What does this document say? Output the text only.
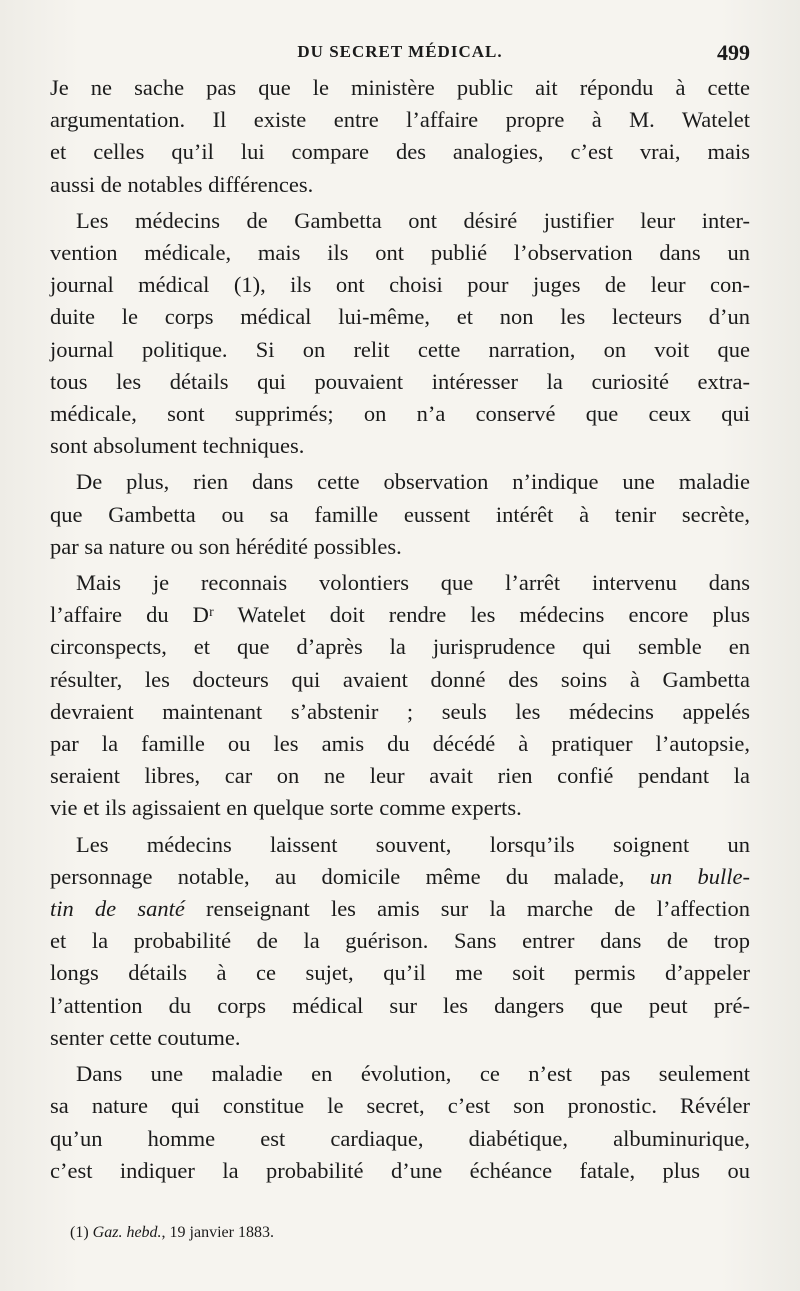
DU SECRET MÉDICAL.	499
Je ne sache pas que le ministère public ait répondu à cette
argumentation. Il existe entre l’affaire propre à M. Watelet
et celles qu’il lui compare des analogies, c’est vrai, mais
aussi de notables différences.
Les médecins de Gambetta ont désiré justifier leur inter-
vention médicale, mais ils ont publié l’observation dans un
journal médical (1), ils ont choisi pour juges de leur con-
duite le corps médical lui-même, et non les lecteurs d’un
journal politique. Si on relit cette narration, on voit que
tous les détails qui pouvaient intéresser la curiosité extra-
médicale, sont supprimés; on n’a conservé que ceux qui
sont absolument techniques.
De plus, rien dans cette observation n’indique une maladie
que Gambetta ou sa famille eussent intérêt à tenir secrète,
par sa nature ou son hérédité possibles.
Mais je reconnais volontiers que l’arrêt intervenu dans
l’affaire du Dʳ Watelet doit rendre les médecins encore plus
circonspects, et que d’après la jurisprudence qui semble en
résulter, les docteurs qui avaient donné des soins à Gambetta
devraient maintenant s’abstenir ; seuls les médecins appelés
par la famille ou les amis du décédé à pratiquer l’autopsie,
seraient libres, car on ne leur avait rien confié pendant la
vie et ils agissaient en quelque sorte comme experts.
Les médecins laissent souvent, lorsqu’ils soignent un
personnage notable, au domicile même du malade, un bulle-
tin de santé renseignant les amis sur la marche de l’affection
et la probabilité de la guérison. Sans entrer dans de trop
longs détails à ce sujet, qu’il me soit permis d’appeler
l’attention du corps médical sur les dangers que peut pré-
senter cette coutume.
Dans une maladie en évolution, ce n’est pas seulement
sa nature qui constitue le secret, c’est son pronostic. Révéler
qu’un homme est cardiaque, diabétique, albuminurique,
c’est indiquer la probabilité d’une échéance fatale, plus ou
(1) Gaz. hebd., 19 janvier 1883.
